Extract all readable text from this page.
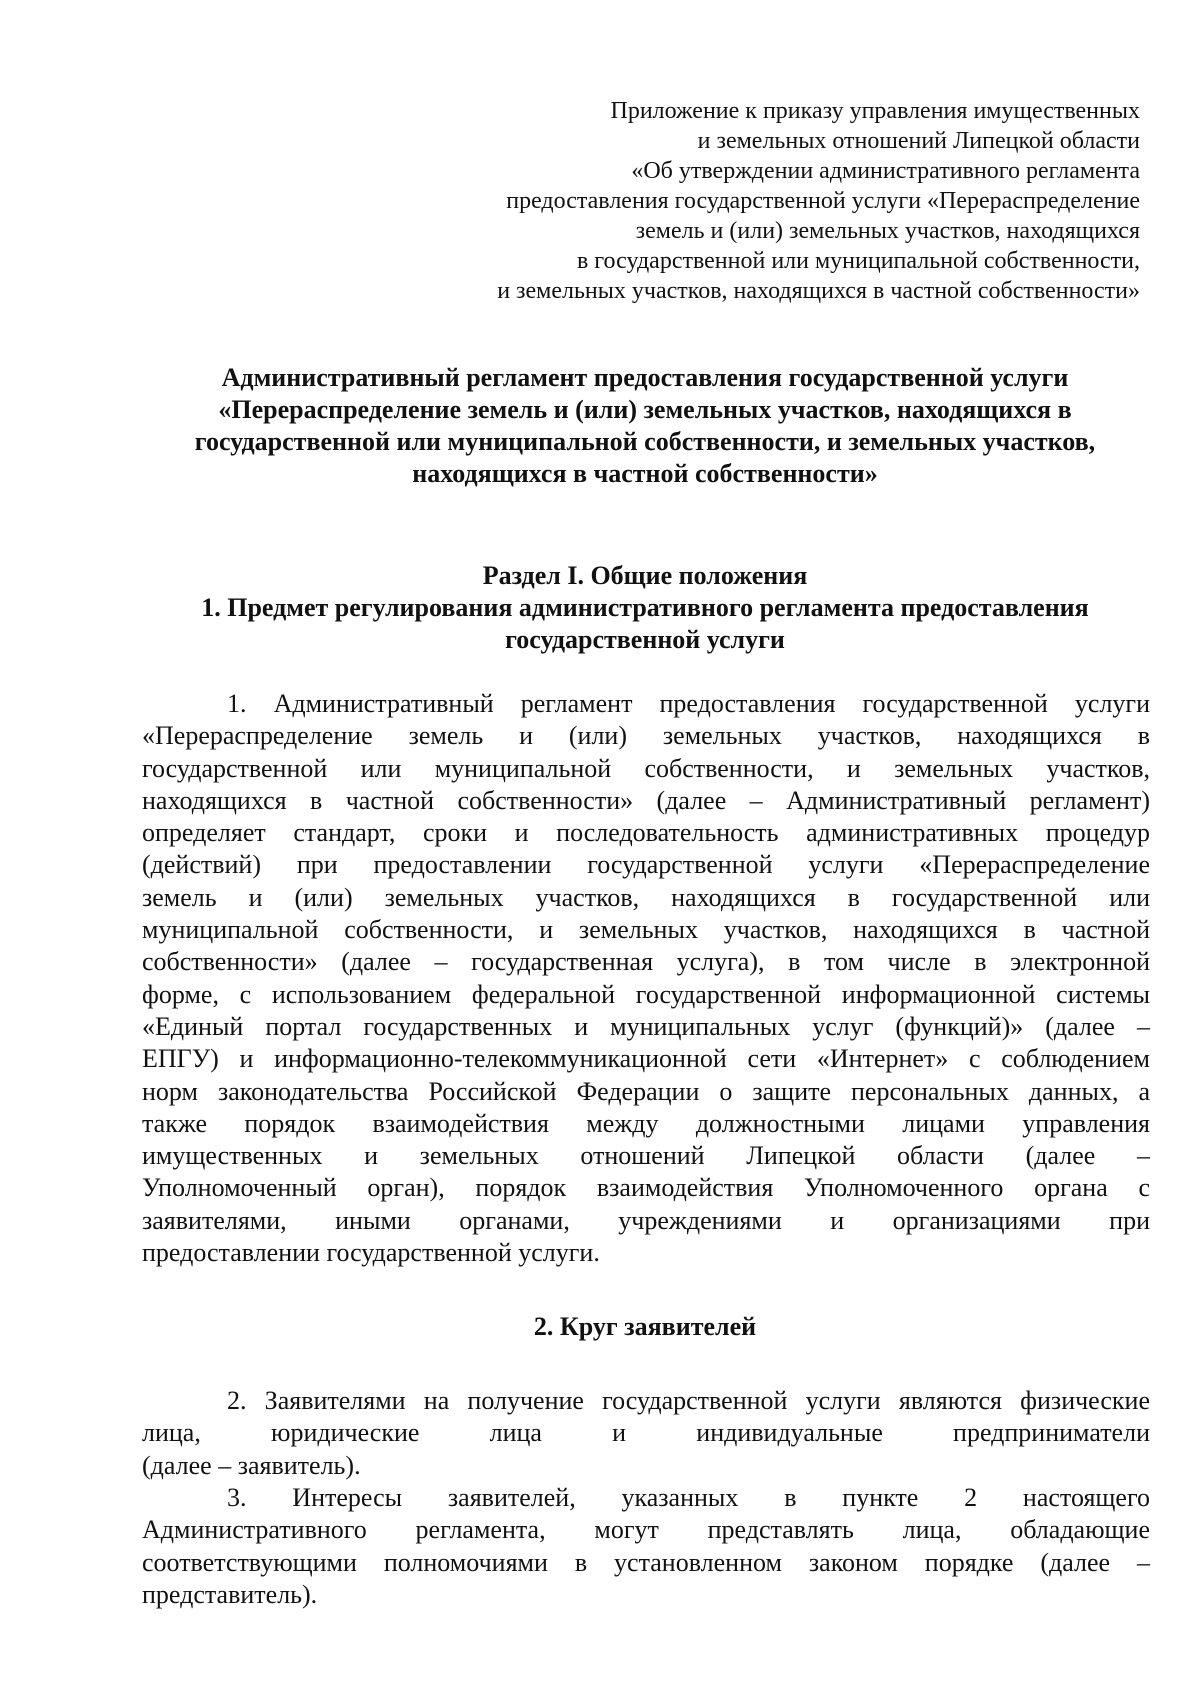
Приложение к приказу управления имущественных
и земельных отношений Липецкой области
«Об утверждении административного регламента
предоставления государственной услуги «Перераспределение
земель и (или) земельных участков, находящихся
в государственной или муниципальной собственности,
и земельных участков, находящихся в частной собственности»
Административный регламент предоставления государственной услуги
«Перераспределение земель и (или) земельных участков, находящихся в
государственной или муниципальной собственности, и земельных участков,
находящихся в частной собственности»
Раздел I. Общие положения
1. Предмет регулирования административного регламента предоставления
государственной услуги
1. Административный регламент предоставления государственной услуги
«Перераспределение земель и (или) земельных участков, находящихся в
государственной или муниципальной собственности, и земельных участков,
находящихся в частной собственности» (далее – Административный регламент)
определяет стандарт, сроки и последовательность административных процедур
(действий) при предоставлении государственной услуги «Перераспределение
земель и (или) земельных участков, находящихся в государственной или
муниципальной собственности, и земельных участков, находящихся в частной
собственности» (далее – государственная услуга), в том числе в электронной
форме, с использованием федеральной государственной информационной системы
«Единый портал государственных и муниципальных услуг (функций)» (далее –
ЕПГУ) и информационно-телекоммуникационной сети «Интернет» с соблюдением
норм законодательства Российской Федерации о защите персональных данных, а
также порядок взаимодействия между должностными лицами управления
имущественных и земельных отношений Липецкой области (далее –
Уполномоченный орган), порядок взаимодействия Уполномоченного органа с
заявителями, иными органами, учреждениями и организациями при
предоставлении государственной услуги.
2. Круг заявителей
2. Заявителями на получение государственной услуги являются физические
лица, юридические лица и индивидуальные предприниматели
(далее – заявитель).
3. Интересы заявителей, указанных в пункте 2 настоящего
Административного регламента, могут представлять лица, обладающие
соответствующими полномочиями в установленном законом порядке (далее –
представитель).
